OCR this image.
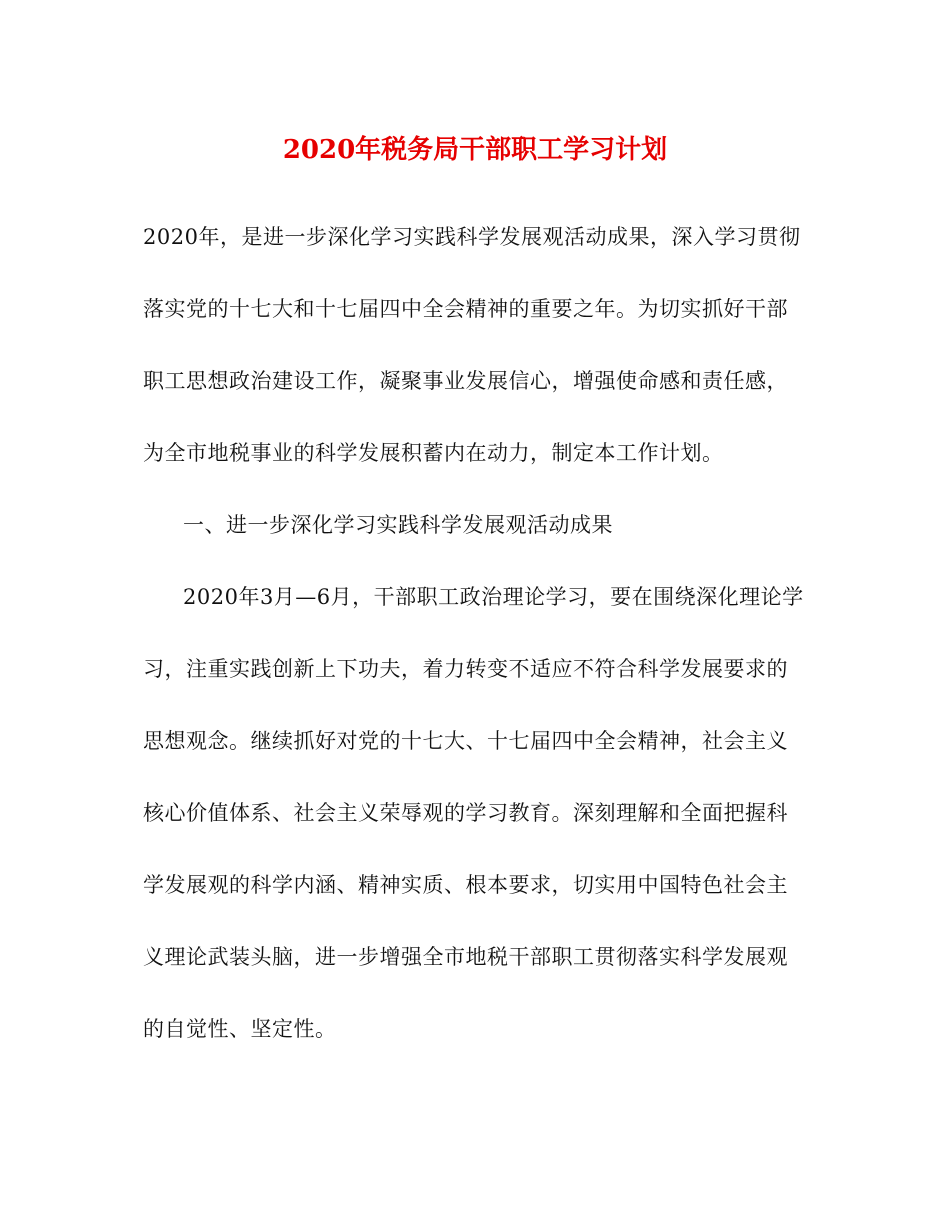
2020年税务局干部职工学习计划
2020年，是进一步深化学习实践科学发展观活动成果，深入学习贯彻
落实党的十七大和十七届四中全会精神的重要之年。为切实抓好干部
职工思想政治建设工作，凝聚事业发展信心，增强使命感和责任感，
为全市地税事业的科学发展积蓄内在动力，制定本工作计划。
一、进一步深化学习实践科学发展观活动成果
2020年3月—6月，干部职工政治理论学习，要在围绕深化理论学
习，注重实践创新上下功夫，着力转变不适应不符合科学发展要求的
思想观念。继续抓好对党的十七大、十七届四中全会精神，社会主义
核心价值体系、社会主义荣辱观的学习教育。深刻理解和全面把握科
学发展观的科学内涵、精神实质、根本要求，切实用中国特色社会主
义理论武装头脑，进一步增强全市地税干部职工贯彻落实科学发展观
的自觉性、坚定性。
